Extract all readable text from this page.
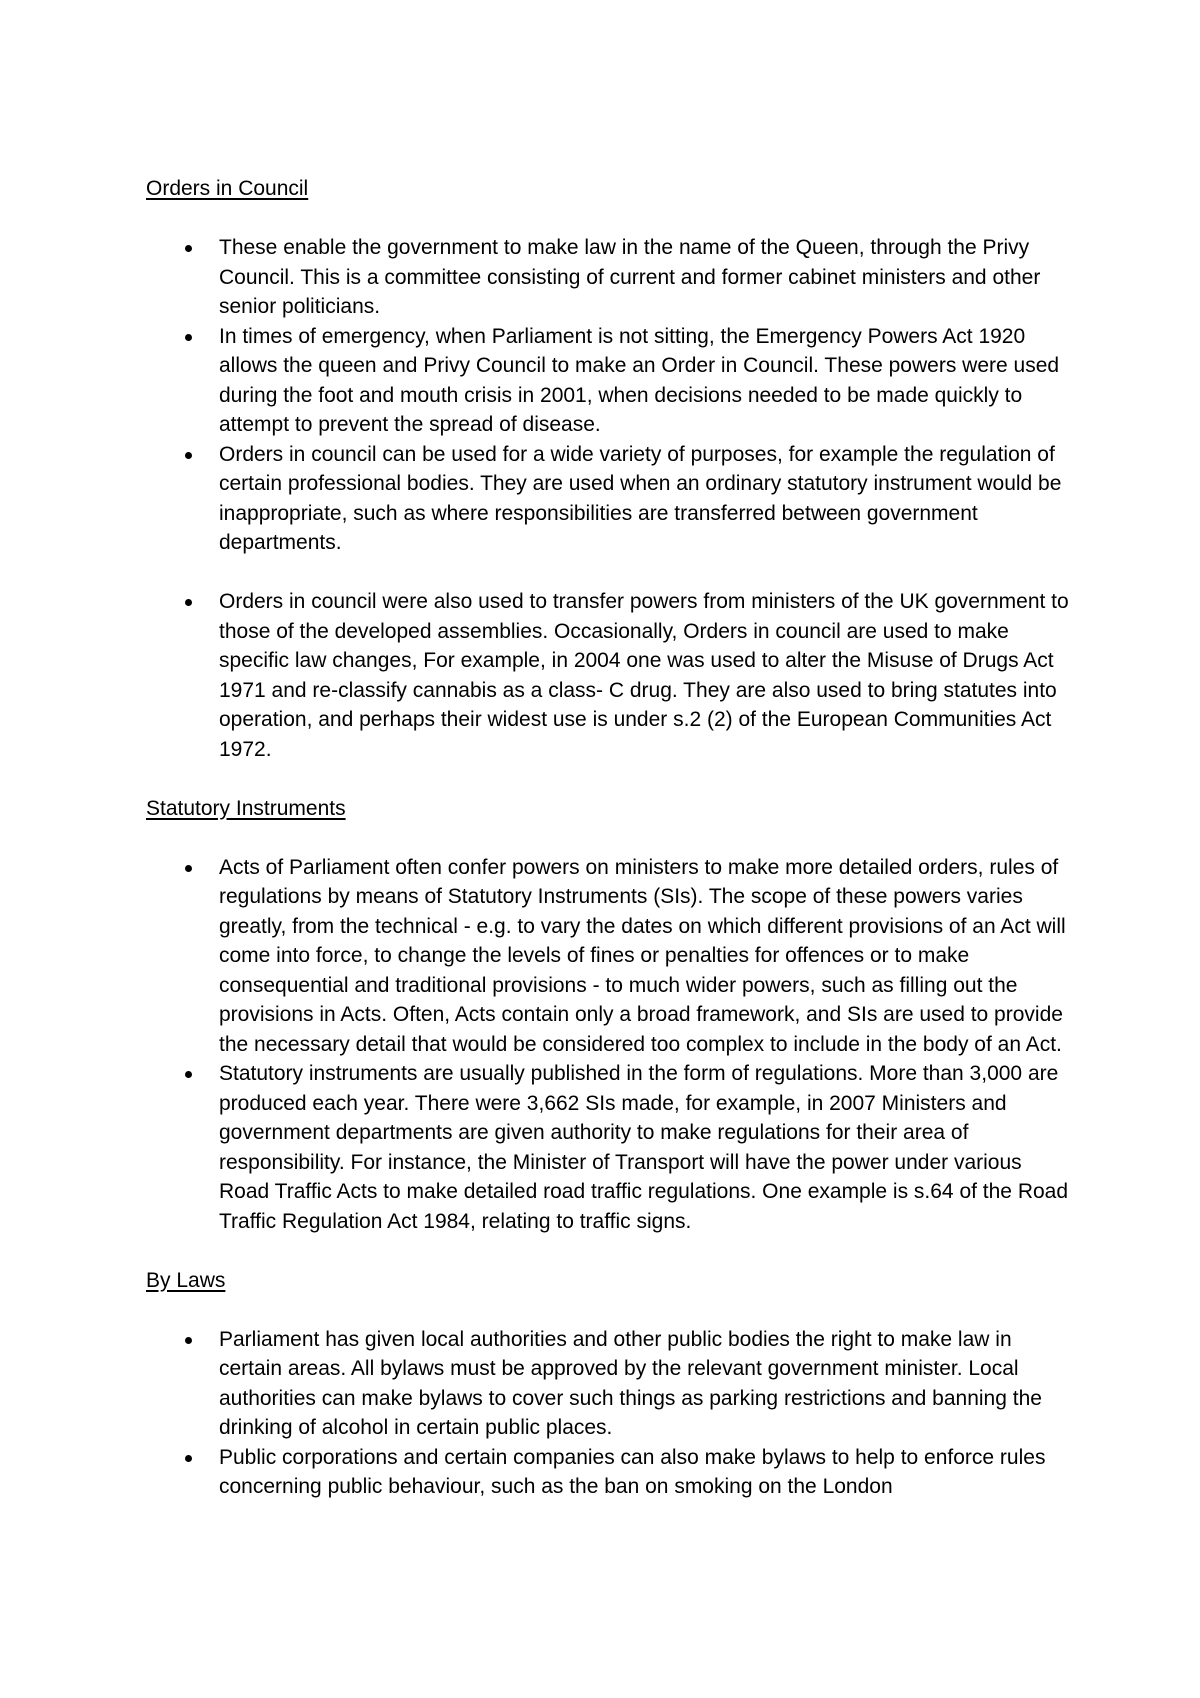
Orders in Council
These enable the government to make law in the name of the Queen, through the Privy Council. This is a committee consisting of current and former cabinet ministers and other senior politicians.
In times of emergency, when Parliament is not sitting, the Emergency Powers Act 1920 allows the queen and Privy Council to make an Order in Council. These powers were used during the foot and mouth crisis in 2001, when decisions needed to be made quickly to attempt to prevent the spread of disease.
Orders in council can be used for a wide variety of purposes, for example the regulation of certain professional bodies. They are used when an ordinary statutory instrument would be inappropriate, such as where responsibilities are transferred between government departments.
Orders in council were also used to transfer powers from ministers of the UK government to those of the developed assemblies. Occasionally, Orders in council are used to make specific law changes, For example, in 2004 one was used to alter the Misuse of Drugs Act 1971 and re-classify cannabis as a class- C drug. They are also used to bring statutes into operation, and perhaps their widest use is under s.2 (2) of the European Communities Act 1972.
Statutory Instruments
Acts of Parliament often confer powers on ministers to make more detailed orders, rules of regulations by means of Statutory Instruments (SIs). The scope of these powers varies greatly, from the technical - e.g. to vary the dates on which different provisions of an Act will come into force, to change the levels of fines or penalties for offences or to make consequential and traditional provisions - to much wider powers, such as filling out the provisions in Acts. Often, Acts contain only a broad framework, and SIs are used to provide the necessary detail that would be considered too complex to include in the body of an Act.
Statutory instruments are usually published in the form of regulations. More than 3,000 are produced each year. There were 3,662 SIs made, for example, in 2007 Ministers and government departments are given authority to make regulations for their area of responsibility. For instance, the Minister of Transport will have the power under various Road Traffic Acts to make detailed road traffic regulations. One example is s.64 of the Road Traffic Regulation Act 1984, relating to traffic signs.
By Laws
Parliament has given local authorities and other public bodies the right to make law in certain areas. All bylaws must be approved by the relevant government minister. Local authorities can make bylaws to cover such things as parking restrictions and banning the drinking of alcohol in certain public places.
Public corporations and certain companies can also make bylaws to help to enforce rules concerning public behaviour, such as the ban on smoking on the London
